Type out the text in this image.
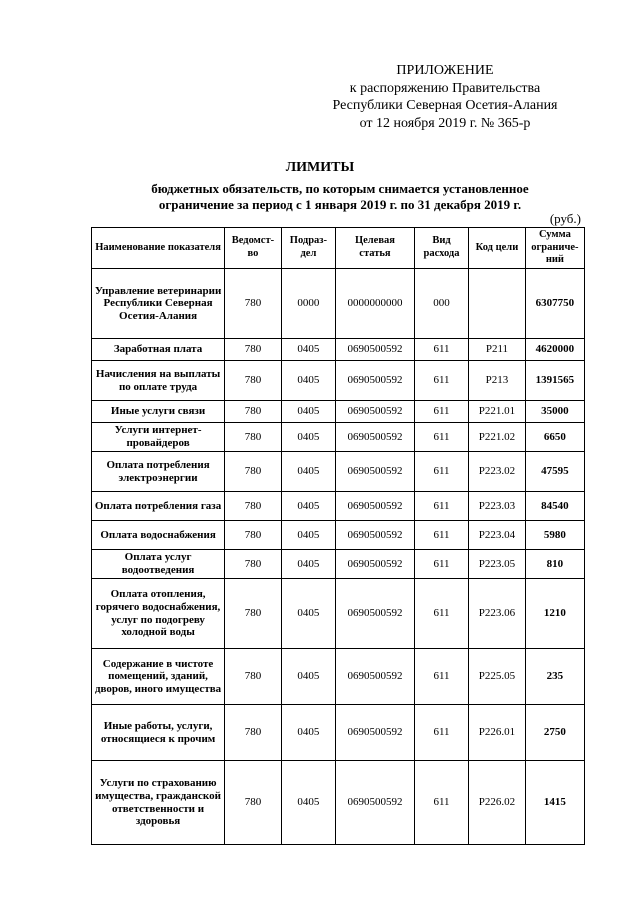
ПРИЛОЖЕНИЕ
к распоряжению Правительства
Республики Северная Осетия-Алания
от 12 ноября 2019 г. № 365-р
ЛИМИТЫ
бюджетных обязательств, по которым снимается установленное
ограничение за период с 1 января 2019 г. по 31 декабря 2019 г.
(руб.)
Наименование показателя	Ведомст-во	Подраз-дел	Целевая статья	Вид расхода	Код цели	Сумма ограниче-ний
Управление ветеринарии Республики Северная Осетия-Алания	780	0000	0000000000	000		6307750
Заработная плата	780	0405	0690500592	611	Р211	4620000
Начисления на выплаты по оплате труда	780	0405	0690500592	611	Р213	1391565
Иные услуги связи	780	0405	0690500592	611	Р221.01	35000
Услуги интернет-провайдеров	780	0405	0690500592	611	Р221.02	6650
Оплата потребления электроэнергии	780	0405	0690500592	611	Р223.02	47595
Оплата потребления газа	780	0405	0690500592	611	Р223.03	84540
Оплата водоснабжения	780	0405	0690500592	611	Р223.04	5980
Оплата услуг водоотведения	780	0405	0690500592	611	Р223.05	810
Оплата отопления, горячего водоснабжения, услуг по подогреву холодной воды	780	0405	0690500592	611	Р223.06	1210
Содержание в чистоте помещений, зданий, дворов, иного имущества	780	0405	0690500592	611	Р225.05	235
Иные работы, услуги, относящиеся к прочим	780	0405	0690500592	611	Р226.01	2750
Услуги по страхованию имущества, гражданской ответственности и здоровья	780	0405	0690500592	611	Р226.02	1415
